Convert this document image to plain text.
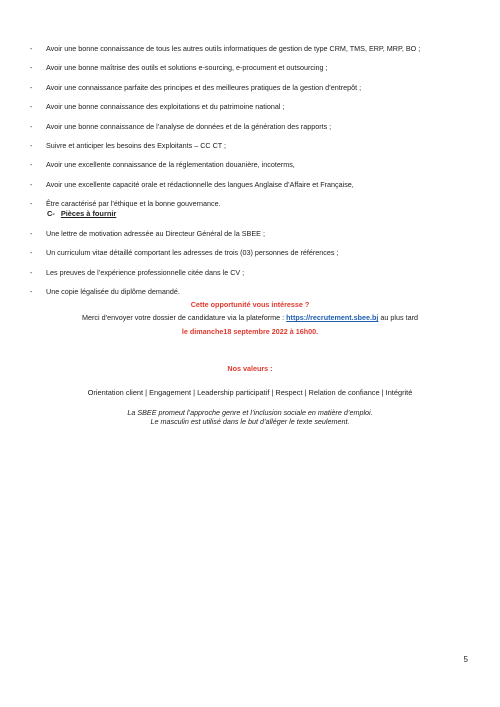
- Avoir une bonne connaissance de tous les autres outils informatiques de gestion de type CRM, TMS, ERP, MRP, BO ;
- Avoir une bonne maîtrise des outils et solutions e-sourcing, e-procument et outsourcing ;
- Avoir une connaissance parfaite des principes et des meilleures pratiques de la gestion d’entrepôt ;
- Avoir une bonne connaissance des exploitations et du patrimoine national ;
- Avoir une bonne connaissance de l’analyse de données et de la génération des rapports ;
- Suivre et anticiper les besoins des Exploitants – CC CT ;
- Avoir une excellente connaissance de la réglementation douanière, incoterms,
- Avoir une excellente capacité orale et rédactionnelle des langues Anglaise d’Affaire et Française,
- Être caractérisé par l’éthique et la bonne gouvernance.
C- Pièces à fournir
- Une lettre de motivation adressée au Directeur Général de la SBEE ;
- Un curriculum vitae détaillé comportant les adresses de trois (03) personnes de références ;
- Les preuves de l’expérience professionnelle citée dans le CV ;
- Une copie légalisée du diplôme demandé.
Cette opportunité vous intéresse ?
Merci d’envoyer votre dossier de candidature via la plateforme : https://recrutement.sbee.bj au plus tard
le dimanche18 septembre 2022 à 16h00.
Nos valeurs :
Orientation client | Engagement | Leadership participatif | Respect | Relation de confiance | Intégrité
La SBEE promeut l’approche genre et l’inclusion sociale en matière d’emploi.
Le masculin est utilisé dans le but d’alléger le texte seulement.
5
